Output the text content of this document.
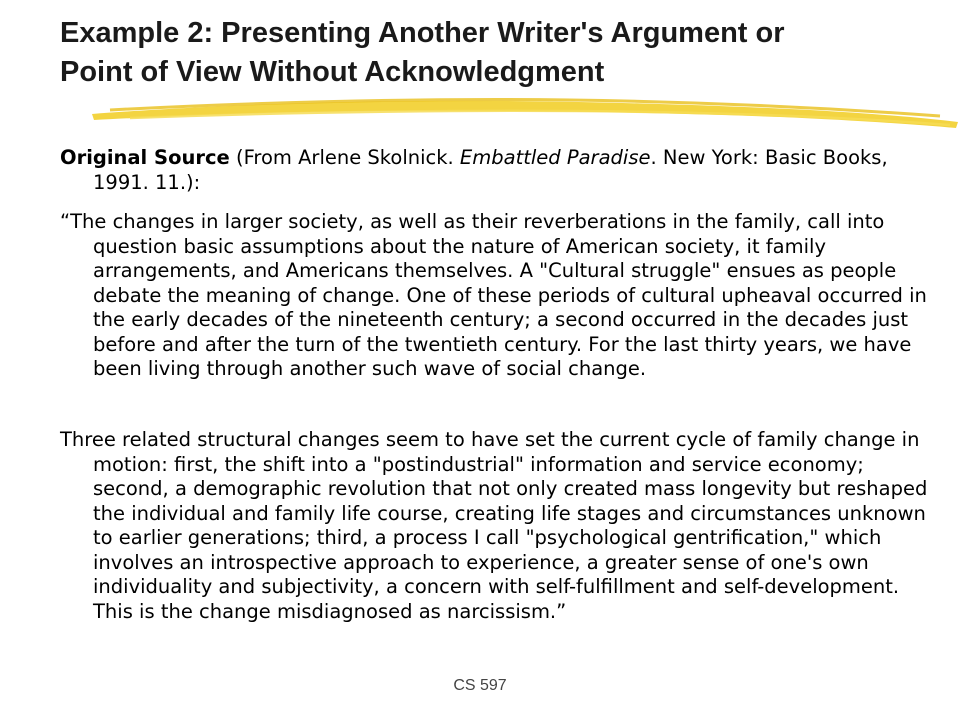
Example 2: Presenting Another Writer's Argument or
Point of View Without Acknowledgment

Original Source (From Arlene Skolnick. Embattled Paradise. New York: Basic Books, 1991. 11.):

“The changes in larger society, as well as their reverberations in the family, call into question basic assumptions about the nature of American society, it family arrangements, and Americans themselves. A "Cultural struggle" ensues as people debate the meaning of change. One of these periods of cultural upheaval occurred in the early decades of the nineteenth century; a second occurred in the decades just before and after the turn of the twentieth century. For the last thirty years, we have been living through another such wave of social change.

Three related structural changes seem to have set the current cycle of family change in motion: first, the shift into a "postindustrial" information and service economy; second, a demographic revolution that not only created mass longevity but reshaped the individual and family life course, creating life stages and circumstances unknown to earlier generations; third, a process I call "psychological gentrification," which involves an introspective approach to experience, a greater sense of one's own individuality and subjectivity, a concern with self-fulfillment and self-development. This is the change misdiagnosed as narcissism.”

CS 597
